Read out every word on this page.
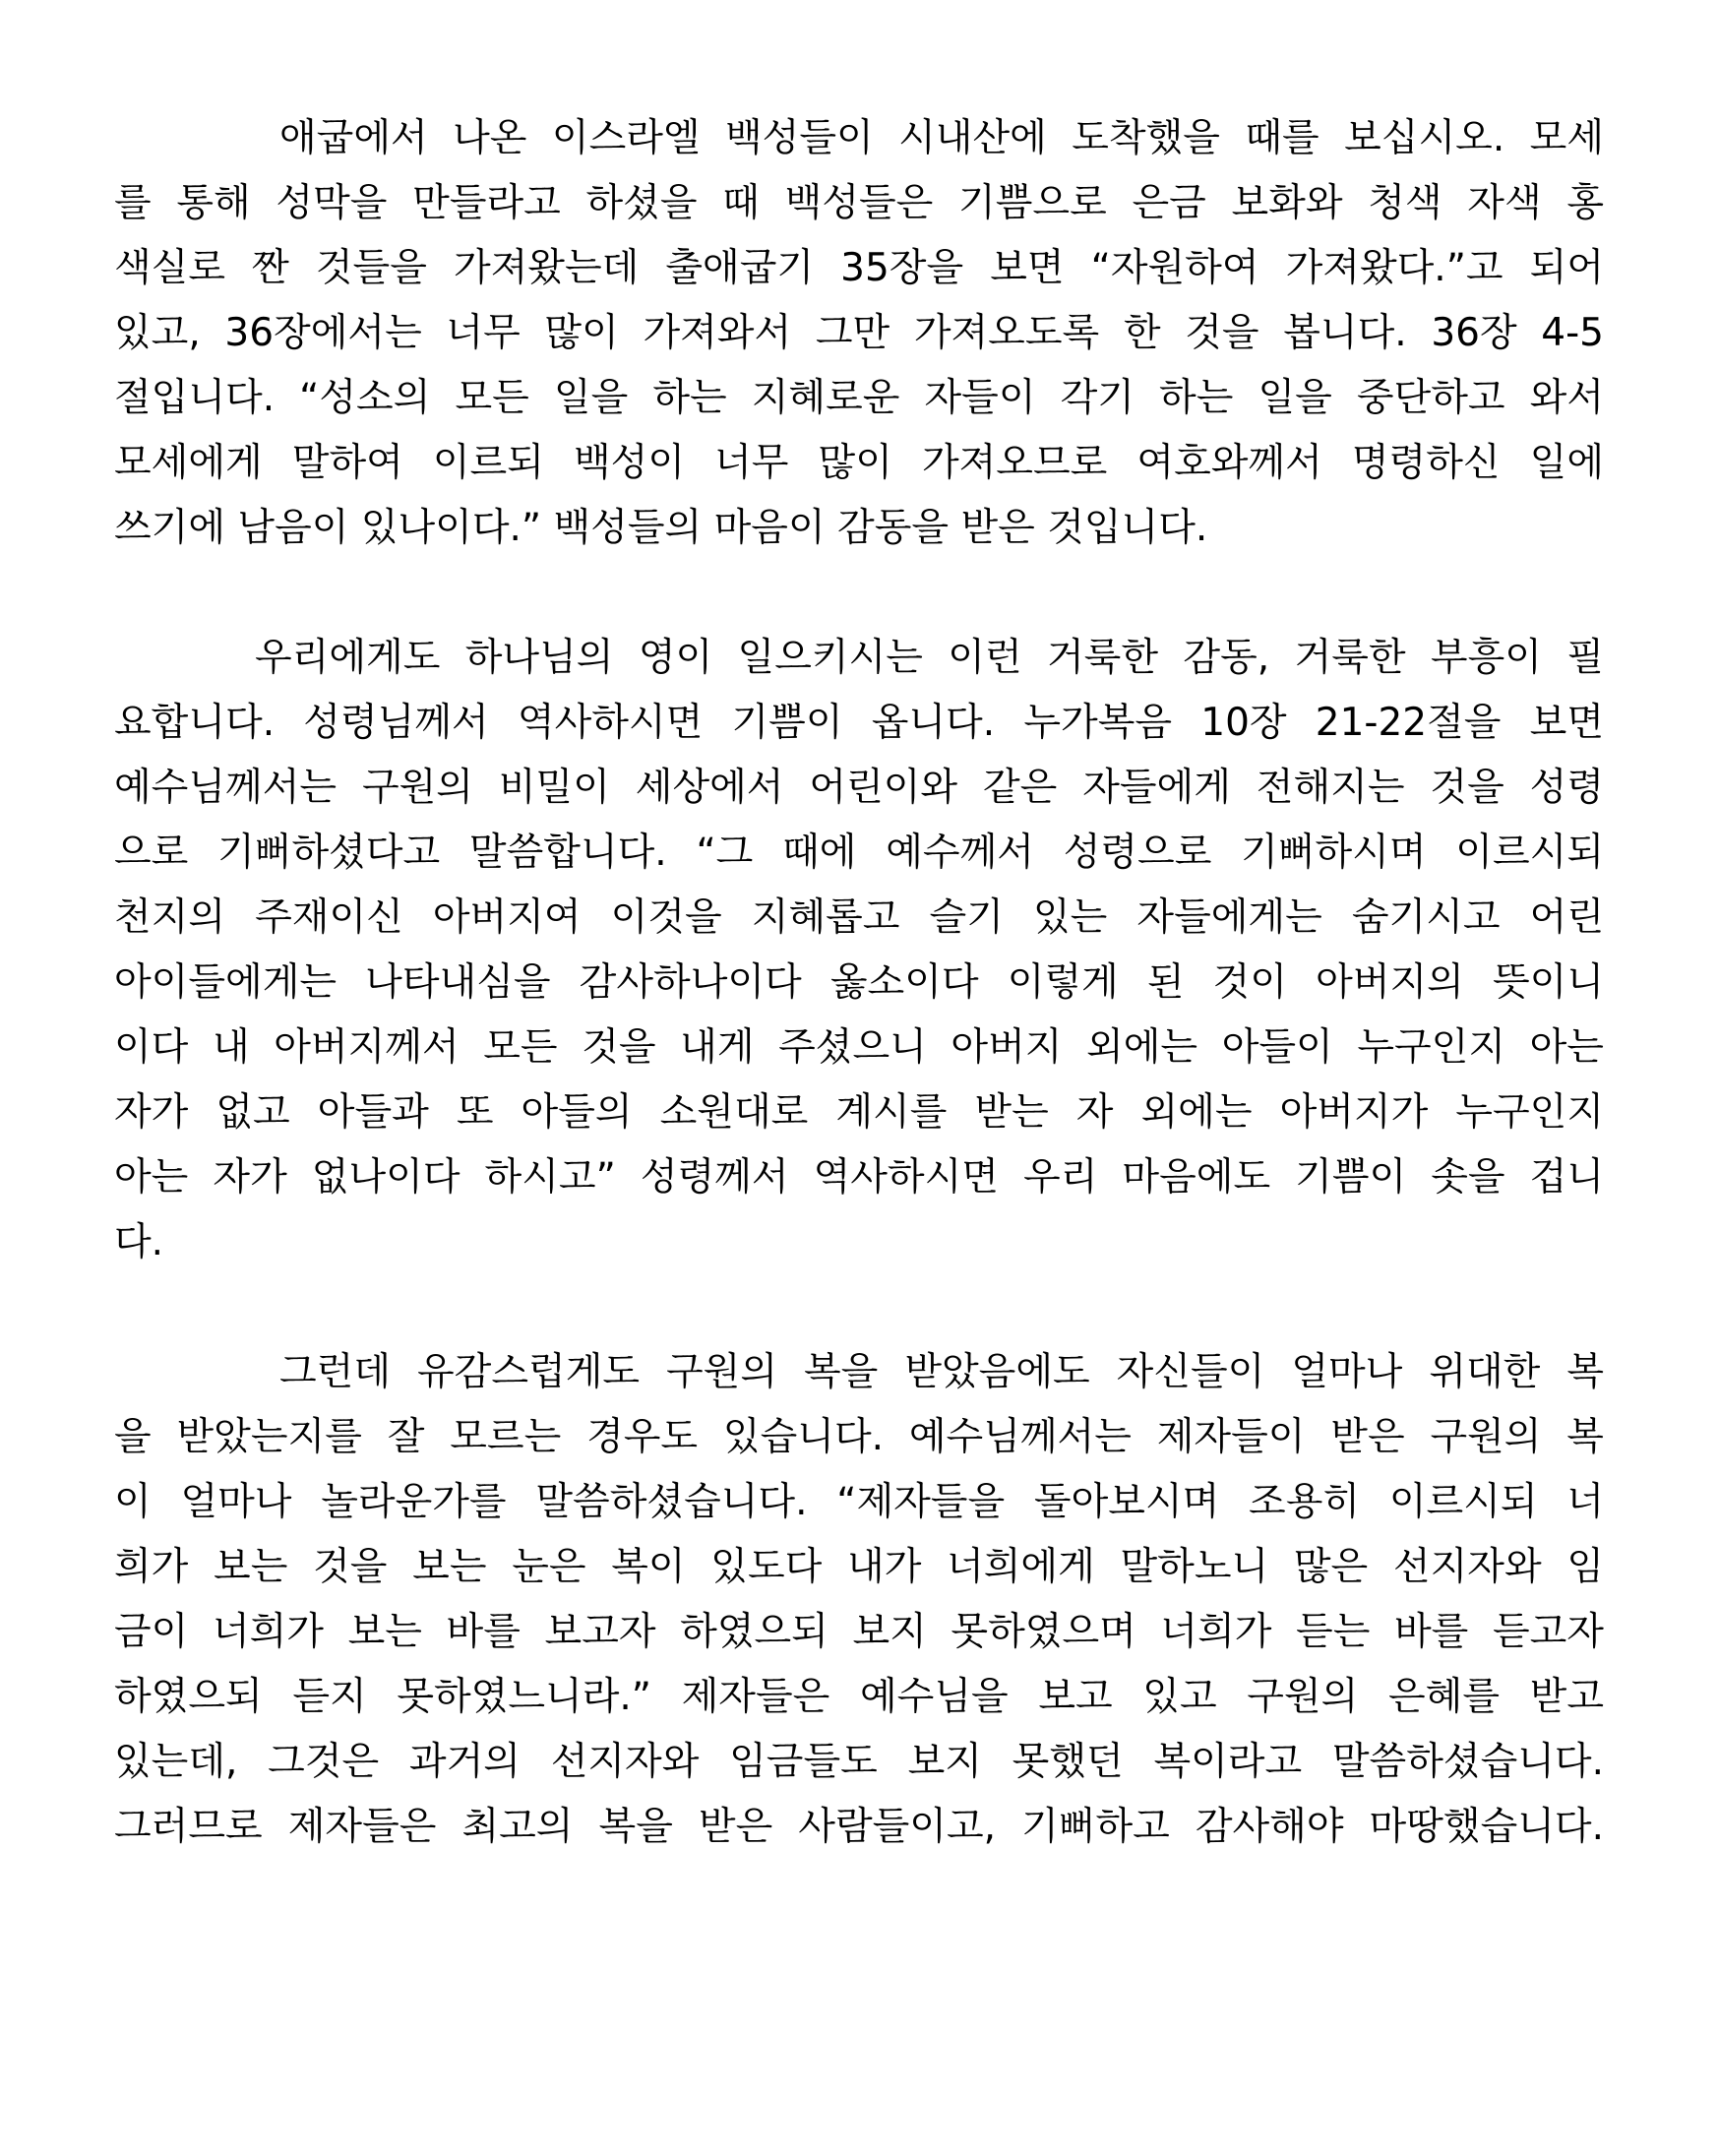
애굽에서 나온 이스라엘 백성들이 시내산에 도착했을 때를 보십시오. 모세
를 통해 성막을 만들라고 하셨을 때 백성들은 기쁨으로 은금 보화와 청색 자색 홍
색실로 짠 것들을 가져왔는데 출애굽기 35장을 보면 “자원하여 가져왔다.”고 되어
있고, 36장에서는 너무 많이 가져와서 그만 가져오도록 한 것을 봅니다. 36장 4-5
절입니다. “성소의 모든 일을 하는 지혜로운 자들이 각기 하는 일을 중단하고 와서
모세에게 말하여 이르되 백성이 너무 많이 가져오므로 여호와께서 명령하신 일에
쓰기에 남음이 있나이다.” 백성들의 마음이 감동을 받은 것입니다.
우리에게도 하나님의 영이 일으키시는 이런 거룩한 감동, 거룩한 부흥이 필
요합니다. 성령님께서 역사하시면 기쁨이 옵니다. 누가복음 10장 21-22절을 보면
예수님께서는 구원의 비밀이 세상에서 어린이와 같은 자들에게 전해지는 것을 성령
으로 기뻐하셨다고 말씀합니다. “그 때에 예수께서 성령으로 기뻐하시며 이르시되
천지의 주재이신 아버지여 이것을 지혜롭고 슬기 있는 자들에게는 숨기시고 어린
아이들에게는 나타내심을 감사하나이다 옳소이다 이렇게 된 것이 아버지의 뜻이니
이다 내 아버지께서 모든 것을 내게 주셨으니 아버지 외에는 아들이 누구인지 아는
자가 없고 아들과 또 아들의 소원대로 계시를 받는 자 외에는 아버지가 누구인지
아는 자가 없나이다 하시고” 성령께서 역사하시면 우리 마음에도 기쁨이 솟을 겁니
다.
그런데 유감스럽게도 구원의 복을 받았음에도 자신들이 얼마나 위대한 복
을 받았는지를 잘 모르는 경우도 있습니다. 예수님께서는 제자들이 받은 구원의 복
이 얼마나 놀라운가를 말씀하셨습니다. “제자들을 돌아보시며 조용히 이르시되 너
희가 보는 것을 보는 눈은 복이 있도다 내가 너희에게 말하노니 많은 선지자와 임
금이 너희가 보는 바를 보고자 하였으되 보지 못하였으며 너희가 듣는 바를 듣고자
하였으되 듣지 못하였느니라.” 제자들은 예수님을 보고 있고 구원의 은혜를 받고
있는데, 그것은 과거의 선지자와 임금들도 보지 못했던 복이라고 말씀하셨습니다.
그러므로 제자들은 최고의 복을 받은 사람들이고, 기뻐하고 감사해야 마땅했습니다.
